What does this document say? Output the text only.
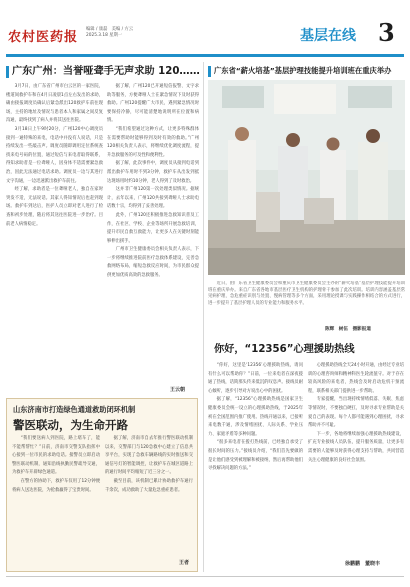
农村医药报
编辑 / 康磊　美编 / 方云
2025.3.18 星期一	基层在线 3
广东广州：当誉哑聋手无声求助 120……

3月7日，由广东省广州市白云区的一家医院，楼道间救护车和在4月日凌晨1点左右发出的求助，确由接报调度员确认后紧急派出120救护车前往现场，主持的地址及情况与患者本人和家属之间反复沟通，最终找到了病人并将其送往医院。

3月18日上午9时20分，广州120中心调度员接到一通特殊的来电，电话中并没有人说话，只是持续发出一些敲击声。调度员随即调用定位系统查找来电号码的位置，通过短信与来电者取得联系，得知求助者是一位聋哑人，因身体不适需要紧急救治，因此无法通过电话求助。调度员一边与其进行文字沟通，一边迅速派出救护车前往。

经了解，求助者是一位聋哑老人，独自在家时突发不适，无法说话。其家人得知情况后也赶到现场。救护车到达后，医护人员立即对老人进行了检查和初步处理，随后将其送往医院进一步治疗。目前老人病情稳定。

据了解，广州120已开通短信报警、文字求助等服务，方便聋哑人士在紧急情况下及时获得救助。广州120提醒广大市民，遇到紧急情况时要保持冷静，尽可能清楚地说明所在位置和病情。

“我们希望通过这种方式，让更多特殊群体在需要帮助时能够得到及时有效的救助。”广州120相关负责人表示，将继续优化调度流程，提升急救服务的可及性和便利性。

据了解，此次事件中，调度员从接到电话到派出救护车用时不到3分钟，救护车从出发到抵达现场用时约10分钟，老人得到了及时救治。

这并非广州120第一次处理类似情况。据统计，去年以来，广州120共接到聋哑人士求助电话数十宗，均得到了妥善处理。

此外，广州120还积极推进急救知识普及工作，在社区、学校、企业等场所开展急救培训，提升市民自救互救能力，让更多人在关键时刻能够伸出援手。

广州市卫生健康委员会相关负责人表示，下一步将继续推进院前医疗急救体系建设，完善急救网络布局，缩短急救反应时间，为市民群众提供更加优质高效的急救服务。

王云朝
山东济南市打造绿色通道救助闭环机制
警医联动，为生命开路

“我们要送病人到医院，路上堵车了，能不能帮帮忙？”日前，济南市交警支队指挥中心接到一位市民的求助电话。接警员立即启动警医联动机制，通知沿线执勤民警疏导交通，为救护车开辟绿色通道。

在警方的协助下，救护车仅用了12分钟便将病人送达医院，为抢救赢得了宝贵时间。

据了解，济南市自去年推行警医联动机制以来，交警部门与120急救中心建立了信息共享平台，实现了急救车辆路线的实时推送和交通信号灯的智能调控，让救护车在城区道路上的通行时间平均缩短了近三分之一。

截至目前，该机制已累计协助救护车通行千余次，成功救助了大量危急重症患者。

王者
广东省“薪火培基”基层护理技能提升培训班在重庆举办
近日，由广东省卫生健康委员会和重庆市卫生健康委员会主办的“薪火培基”基层护理技能提升培训班在重庆举办。来自广东省各地市基层医疗卫生机构的护理骨干参加了此次培训。培训内容涵盖基层常见病护理、急危重症识别与处置、慢病管理等多个方面，采用理论授课与实践操作相结合的方式进行，进一步提升了基层护理人员的专业能力和服务水平。
陈辉　树伍　摄影报道
你好，“12356”心理援助热线

“你好，这里是‘12356’心理援助热线，请问有什么可以帮助你？”日前，一位来电者在深夜拨通了热线，话筒那头传来低沉的叹息声。接线员耐心倾听，逐步引导对方说出心中的困扰。

据了解，“12356”心理援助热线是国家卫生健康委员会统一设立的心理援助热线，于2025年初在全国范围内推广使用。热线开通以来，已接听来电数千通，涉及情绪困扰、人际关系、学业压力、家庭矛盾等多种问题。

“很多来电者在拨打热线前，已经独自承受了很长时间的压力。”接线员介绍，“我们首先要做的是让他们感受到被理解和被接纳，然后再帮助他们寻找解决问题的方法。”

心理援助热线全天24小时开通，由经过专业培训的心理咨询师和精神科医生轮流值守。对于存在较高风险的来电者，热线会及时启动危机干预流程，联系相关部门提供进一步帮助。

专家提醒，当出现持续情绪低落、失眠、焦虑等情况时，不要独自硬扛，及时寻求专业帮助是关爱自己的表现。每个人都可能遇到心理困扰，寻求帮助并不可耻。

下一步，各地将继续加强心理援助热线建设，扩充专业接线人员队伍，提升服务质量，让更多有需要的人能够及时获得心理支持与帮助，共同营造关注心理健康的良好社会氛围。

徐鹏鹏　董晓丰
